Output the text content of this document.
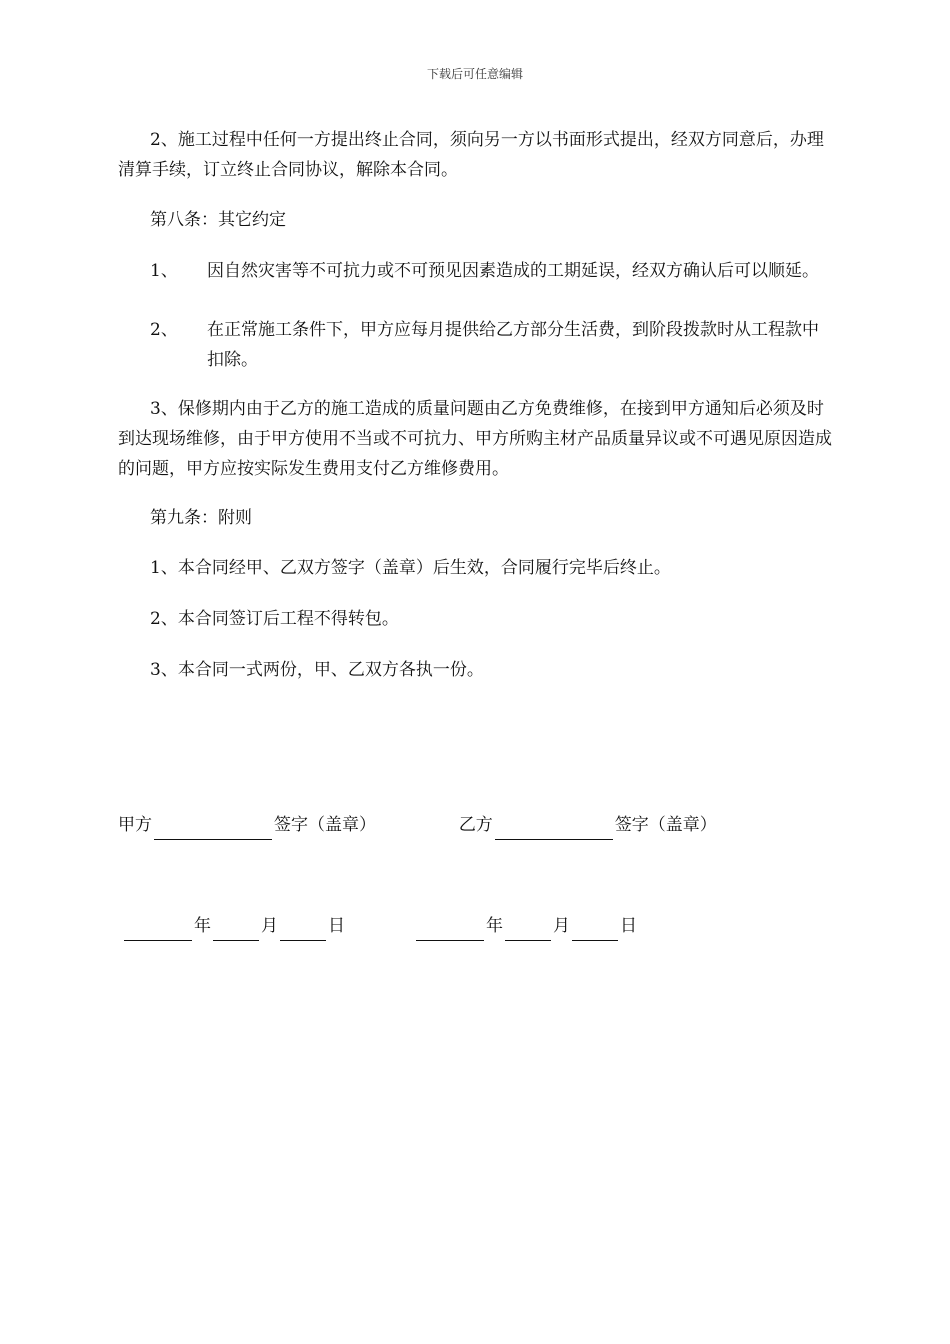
下载后可任意编辑

2、施工过程中任何一方提出终止合同，须向另一方以书面形式提出，经双方同意后，办理清算手续，订立终止合同协议，解除本合同。

第八条：其它约定

1、 因自然灾害等不可抗力或不可预见因素造成的工期延误，经双方确认后可以顺延。
2、 在正常施工条件下，甲方应每月提供给乙方部分生活费，到阶段拨款时从工程款中扣除。

3、保修期内由于乙方的施工造成的质量问题由乙方免费维修，在接到甲方通知后必须及时到达现场维修，由于甲方使用不当或不可抗力、甲方所购主材产品质量异议或不可遇见原因造成的问题，甲方应按实际发生费用支付乙方维修费用。

第九条：附则

1、本合同经甲、乙双方签字（盖章）后生效，合同履行完毕后终止。

2、本合同签订后工程不得转包。

3、本合同一式两份，甲、乙双方各执一份。

甲方	签字（盖章）	乙方	签字（盖章）
年	月	日	年	月	日
